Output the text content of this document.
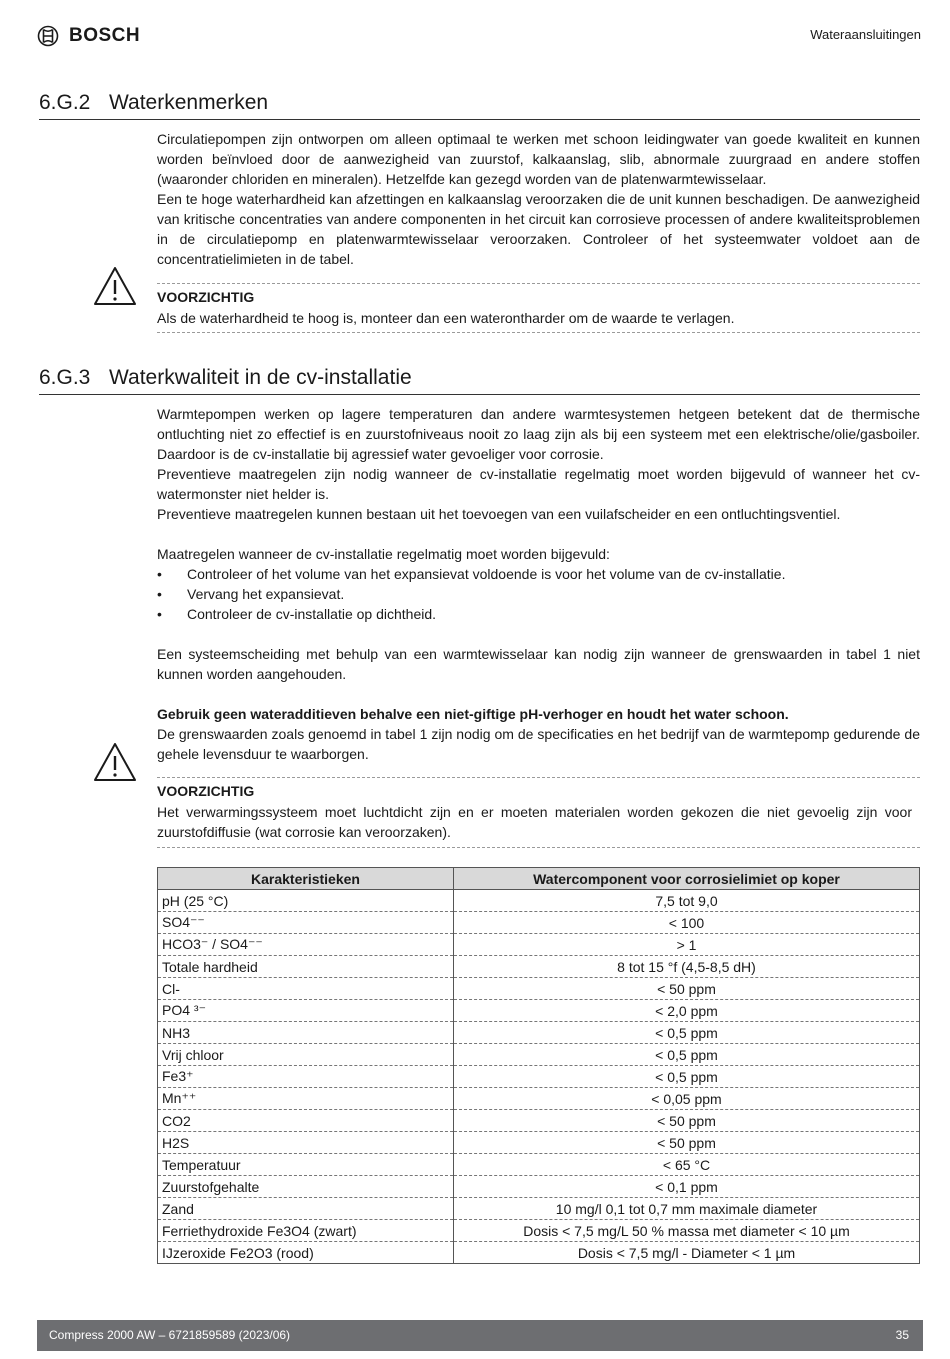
BOSCH	Wateraansluitingen
6.G.2 Waterkenmerken

Circulatiepompen zijn ontworpen om alleen optimaal te werken met schoon leidingwater van goede kwaliteit en kunnen worden beïnvloed door de aanwezigheid van zuurstof, kalkaanslag, slib, abnormale zuurgraad en andere stoffen (waaronder chloriden en mineralen). Hetzelfde kan gezegd worden van de platenwarmtewisselaar.

Een te hoge waterhardheid kan afzettingen en kalkaanslag veroorzaken die de unit kunnen beschadigen. De aanwezigheid van kritische concentraties van andere componenten in het circuit kan corrosieve processen of andere kwaliteitsproblemen in de circulatiepomp en platenwarmtewisselaar veroorzaken. Controleer of het systeemwater voldoet aan de concentratielimieten in de tabel.

VOORZICHTIG
Als de waterhardheid te hoog is, monteer dan een waterontharder om de waarde te verlagen.
6.G.3 Waterkwaliteit in de cv-installatie

Warmtepompen werken op lagere temperaturen dan andere warmtesystemen hetgeen betekent dat de thermische ontluchting niet zo effectief is en zuurstofniveaus nooit zo laag zijn als bij een systeem met een elektrische/olie/gasboiler. Daardoor is de cv-installatie bij agressief water gevoeliger voor corrosie.

Preventieve maatregelen zijn nodig wanneer de cv-installatie regelmatig moet worden bijgevuld of wanneer het cv-watermonster niet helder is.

Preventieve maatregelen kunnen bestaan uit het toevoegen van een vuilafscheider en een ontluchtingsventiel.

Maatregelen wanneer de cv-installatie regelmatig moet worden bijgevuld:
• Controleer of het volume van het expansievat voldoende is voor het volume van de cv-installatie.
• Vervang het expansievat.
• Controleer de cv-installatie op dichtheid.
Een systeemscheiding met behulp van een warmtewisselaar kan nodig zijn wanneer de grenswaarden in tabel 1 niet kunnen worden aangehouden.

Gebruik geen wateradditieven behalve een niet-giftige pH-verhoger en houdt het water schoon.

De grenswaarden zoals genoemd in tabel 1 zijn nodig om de specificaties en het bedrijf van de warmtepomp gedurende de gehele levensduur te waarborgen.

VOORZICHTIG
Het verwarmingssysteem moet luchtdicht zijn en er moeten materialen worden gekozen die niet gevoelig zijn voor zuurstofdiffusie (wat corrosie kan veroorzaken).
Karakteristieken	Watercomponent voor corrosielimiet op koper
pH (25 °C)	7,5 tot 9,0
SO4⁻⁻	< 100
HCO3⁻ / SO4⁻⁻	> 1
Totale hardheid	8 tot 15 °f (4,5-8,5 dH)
Cl-	< 50 ppm
PO4 ³⁻	< 2,0 ppm
NH3	< 0,5 ppm
Vrij chloor	< 0,5 ppm
Fe3⁺	< 0,5 ppm
Mn⁺⁺	< 0,05 ppm
CO2	< 50 ppm
H2S	< 50 ppm
Temperatuur	< 65 °C
Zuurstofgehalte	< 0,1 ppm
Zand	10 mg/l 0,1 tot 0,7 mm maximale diameter
Ferriethydroxide Fe3O4 (zwart)	Dosis < 7,5 mg/L 50 % massa met diameter < 10 µm
IJzeroxide Fe2O3 (rood)	Dosis < 7,5 mg/l - Diameter < 1 µm
Compress 2000 AW – 6721859589 (2023/06)	35
